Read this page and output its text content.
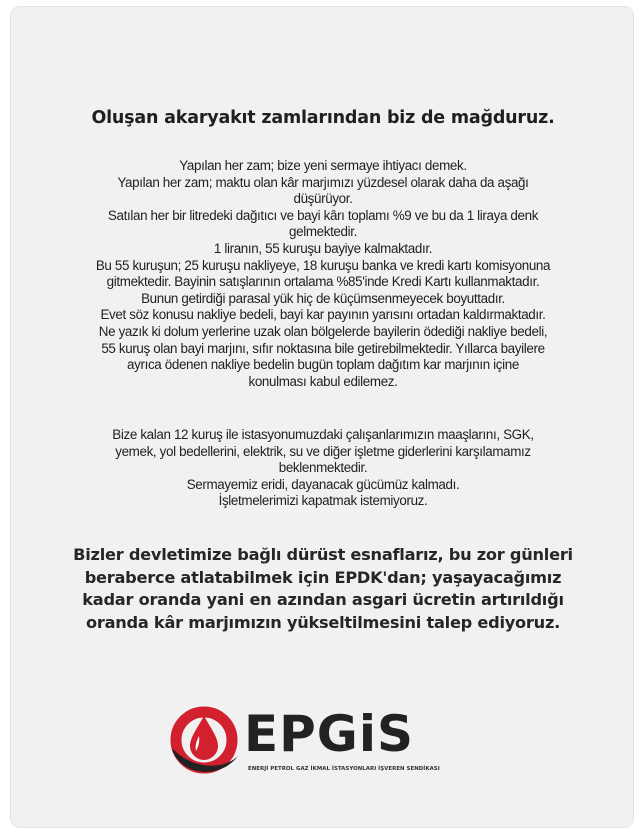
Oluşan akaryakıt zamlarından biz de mağduruz.

Yapılan her zam; bize yeni sermaye ihtiyacı demek.
Yapılan her zam; maktu olan kâr marjımızı yüzdesel olarak daha da aşağı
düşürüyor.
Satılan her bir litredeki dağıtıcı ve bayi kârı toplamı %9 ve bu da 1 liraya denk
gelmektedir.
1 liranın, 55 kuruşu bayiye kalmaktadır.
Bu 55 kuruşun; 25 kuruşu nakliyeye, 18 kuruşu banka ve kredi kartı komisyonuna
gitmektedir. Bayinin satışlarının ortalama %85'inde Kredi Kartı kullanmaktadır.
Bunun getirdiği parasal yük hiç de küçümsenmeyecek boyuttadır.
Evet söz konusu nakliye bedeli, bayi kar payının yarısını ortadan kaldırmaktadır.
Ne yazık ki dolum yerlerine uzak olan bölgelerde bayilerin ödediği nakliye bedeli,
55 kuruş olan bayi marjını, sıfır noktasına bile getirebilmektedir. Yıllarca bayilere
ayrıca ödenen nakliye bedelin bugün toplam dağıtım kar marjının içine
konulması kabul edilemez.

Bize kalan 12 kuruş ile istasyonumuzdaki çalışanlarımızın maaşlarını, SGK,
yemek, yol bedellerini, elektrik, su ve diğer işletme giderlerini karşılamamız
beklenmektedir.
Sermayemiz eridi, dayanacak gücümüz kalmadı.
İşletmelerimizi kapatmak istemiyoruz.

Bizler devletimize bağlı dürüst esnaflarız, bu zor günleri
beraberce atlatabilmek için EPDK'dan; yaşayacağımız
kadar oranda yani en azından asgari ücretin artırıldığı
oranda kâr marjımızın yükseltilmesini talep ediyoruz.

EPGiS
ENERJİ PETROL GAZ İKMAL İSTASYONLARI İŞVEREN SENDİKASI
